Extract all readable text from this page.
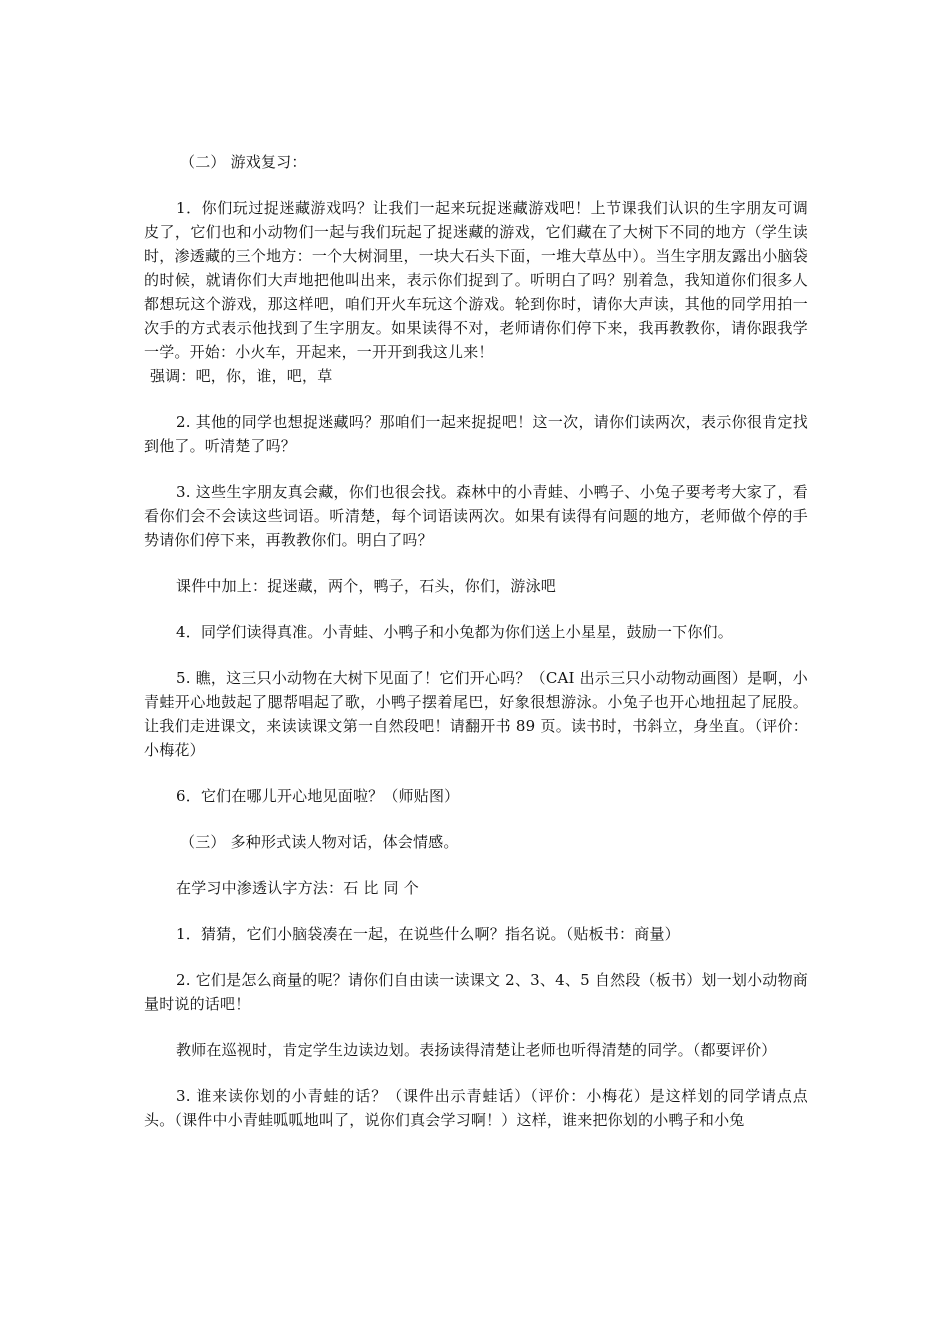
（二） 游戏复习：

1．你们玩过捉迷藏游戏吗？让我们一起来玩捉迷藏游戏吧！上节课我们认识的生字朋友可调皮了，它们也和小动物们一起与我们玩起了捉迷藏的游戏，它们藏在了大树下不同的地方（学生读时，渗透藏的三个地方：一个大树洞里，一块大石头下面，一堆大草丛中）。当生字朋友露出小脑袋的时候，就请你们大声地把他叫出来，表示你们捉到了。听明白了吗？别着急，我知道你们很多人都想玩这个游戏，那这样吧，咱们开火车玩这个游戏。轮到你时，请你大声读，其他的同学用拍一次手的方式表示他找到了生字朋友。如果读得不对，老师请你们停下来，我再教教你，请你跟我学一学。开始：小火车，开起来，一开开到我这儿来！

强调：吧，你，谁，吧，草

2. 其他的同学也想捉迷藏吗？那咱们一起来捉捉吧！这一次，请你们读两次，表示你很肯定找到他了。听清楚了吗？

3. 这些生字朋友真会藏，你们也很会找。森林中的小青蛙、小鸭子、小兔子要考考大家了，看看你们会不会读这些词语。听清楚，每个词语读两次。如果有读得有问题的地方，老师做个停的手势请你们停下来，再教教你们。明白了吗？

课件中加上：捉迷藏，两个，鸭子，石头，你们，游泳吧

4．同学们读得真准。小青蛙、小鸭子和小兔都为你们送上小星星，鼓励一下你们。

5. 瞧，这三只小动物在大树下见面了！它们开心吗？（CAI 出示三只小动物动画图）是啊，小青蛙开心地鼓起了腮帮唱起了歌，小鸭子摆着尾巴，好象很想游泳。小兔子也开心地扭起了屁股。让我们走进课文，来读读课文第一自然段吧！请翻开书 89 页。读书时，书斜立，身坐直。（评价：小梅花）

6．它们在哪儿开心地见面啦？（师贴图）

（三） 多种形式读人物对话，体会情感。

在学习中渗透认字方法：石 比 同 个

1．猜猜，它们小脑袋凑在一起，在说些什么啊？指名说。（贴板书：商量）

2. 它们是怎么商量的呢？请你们自由读一读课文 2、3、4、5 自然段（板书）划一划小动物商量时说的话吧！

教师在巡视时，肯定学生边读边划。表扬读得清楚让老师也听得清楚的同学。（都要评价）

3. 谁来读你划的小青蛙的话？（课件出示青蛙话）（评价：小梅花）是这样划的同学请点点头。（课件中小青蛙呱呱地叫了，说你们真会学习啊！）这样，谁来把你划的小鸭子和小兔
